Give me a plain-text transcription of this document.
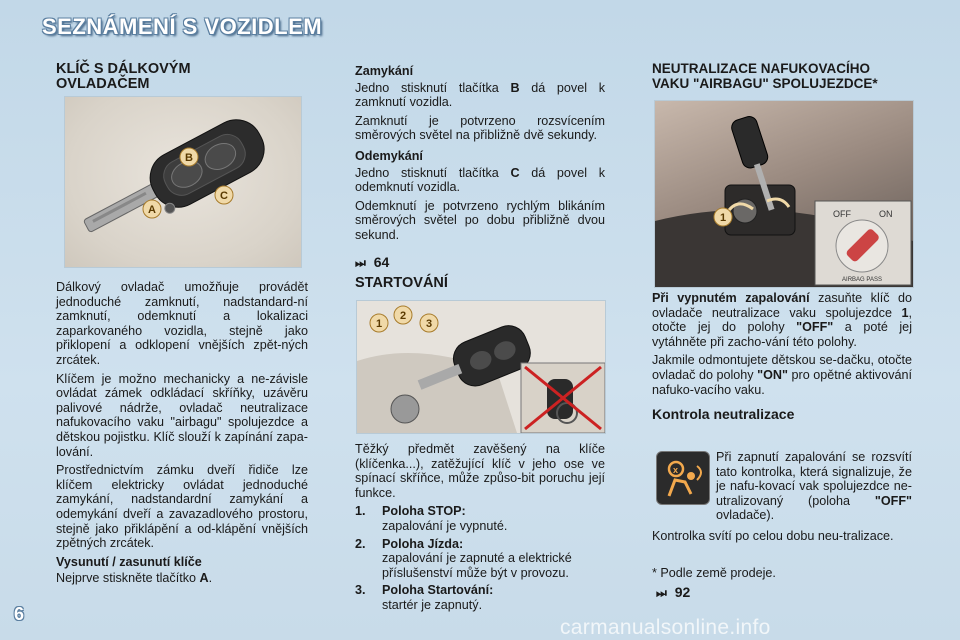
SEZNÁMENÍ S VOZIDLEM
KLÍČ S DÁLKOVÝM
OVLADAČEM
A
B
C

Dálkový ovladač umožňuje provádět jednoduché zamknutí, nadstandard-ní zamknutí, odemknutí a lokalizaci zaparkovaného vozidla, stejně jako přiklopení a odklopení vnějších zpět-ných zrcátek.

Klíčem je možno mechanicky a ne-závisle ovládat zámek odkládací skříňky, uzávěru palivové nádrže, ovladač neutralizace nafukovacího vaku "airbagu" spolujezdce a dětskou pojistku. Klíč slouží k zapínání zapa-lování.

Prostřednictvím zámku dveří řidiče lze klíčem elektricky ovládat jednoduché zamykání, nadstandardní zamykání a odemykání dveří a zavazadlového prostoru, stejně jako přiklápění a od-klápění vnějších zpětných zrcátek.

Vysunutí / zasunutí klíče

Nejprve stiskněte tlačítko A.

Zamykání

Jedno stisknutí tlačítka B dá povel k zamknutí vozidla.

Zamknutí je potvrzeno rozsvícením směrových světel na přibližně dvě sekundy.

Odemykání

Jedno stisknutí tlačítka C dá povel k odemknutí vozidla.

Odemknutí je potvrzeno rychlým blikáním směrových světel po dobu přibližně dvou sekund.

⏭ 64
STARTOVÁNÍ
1
2
3

Těžký předmět zavěšený na klíče (klíčenka...), zatěžující klíč v jeho ose ve spínací skříňce, může způso-bit poruchu její funkce.

1. Poloha STOP:
zapalování je vypnuté.
2. Poloha Jízda:
zapalování je zapnuté a elektrické příslušenství může být v provozu.
3. Poloha Startování:
startér je zapnutý.
NEUTRALIZACE NAFUKOVACÍHO
VAKU "AIRBAGU" SPOLUJEZDCE*
1	OFF	ON
AIRBAG PASS

Při vypnutém zapalování zasuňte klíč do ovladače neutralizace vaku spolujezdce 1, otočte jej do polohy "OFF" a poté jej vytáhněte při zacho-vání této polohy.

Jakmile odmontujete dětskou se-dačku, otočte ovladač do polohy "ON" pro opětné aktivování nafuko-vacího vaku.

Kontrola neutralizace
x

Při zapnutí zapalování se rozsvítí tato kontrolka, která signalizuje, že je nafu-kovací vak spolujezdce ne-utralizovaný (poloha "OFF" ovladače).

Kontrolka svítí po celou dobu neu-tralizace.

* Podle země prodeje.

⏭ 92
6
carmanualsonline.info
